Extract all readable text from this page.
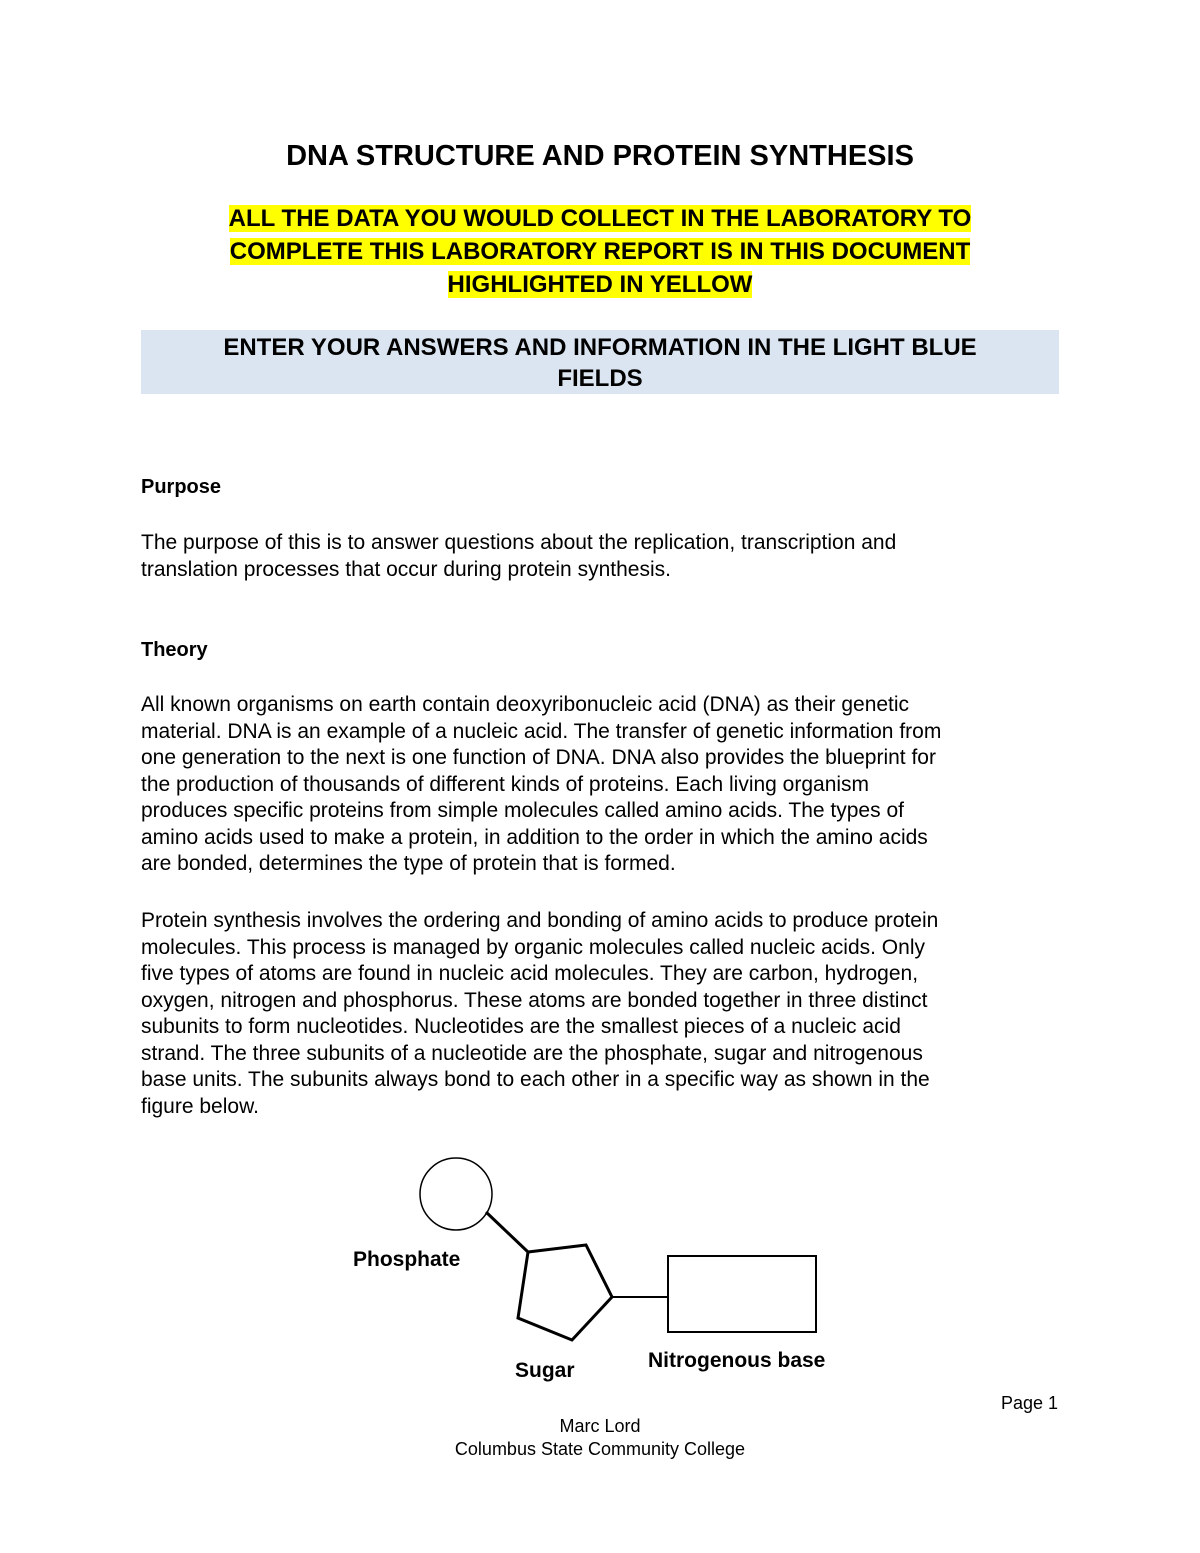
DNA STRUCTURE AND PROTEIN SYNTHESIS

ALL THE DATA YOU WOULD COLLECT IN THE LABORATORY TO
COMPLETE THIS LABORATORY REPORT IS IN THIS DOCUMENT
HIGHLIGHTED IN YELLOW

ENTER YOUR ANSWERS AND INFORMATION IN THE LIGHT BLUE
FIELDS
Purpose

The purpose of this is to answer questions about the replication, transcription and
translation processes that occur during protein synthesis.

Theory

All known organisms on earth contain deoxyribonucleic acid (DNA) as their genetic
material. DNA is an example of a nucleic acid. The transfer of genetic information from
one generation to the next is one function of DNA. DNA also provides the blueprint for
the production of thousands of different kinds of proteins. Each living organism
produces specific proteins from simple molecules called amino acids. The types of
amino acids used to make a protein, in addition to the order in which the amino acids
are bonded, determines the type of protein that is formed.

Protein synthesis involves the ordering and bonding of amino acids to produce protein
molecules. This process is managed by organic molecules called nucleic acids. Only
five types of atoms are found in nucleic acid molecules. They are carbon, hydrogen,
oxygen, nitrogen and phosphorus. These atoms are bonded together in three distinct
subunits to form nucleotides. Nucleotides are the smallest pieces of a nucleic acid
strand. The three subunits of a nucleotide are the phosphate, sugar and nitrogenous
base units. The subunits always bond to each other in a specific way as shown in the
figure below.

Phosphate
Sugar	Nitrogenous base
Page 1
Marc Lord
Columbus State Community College
